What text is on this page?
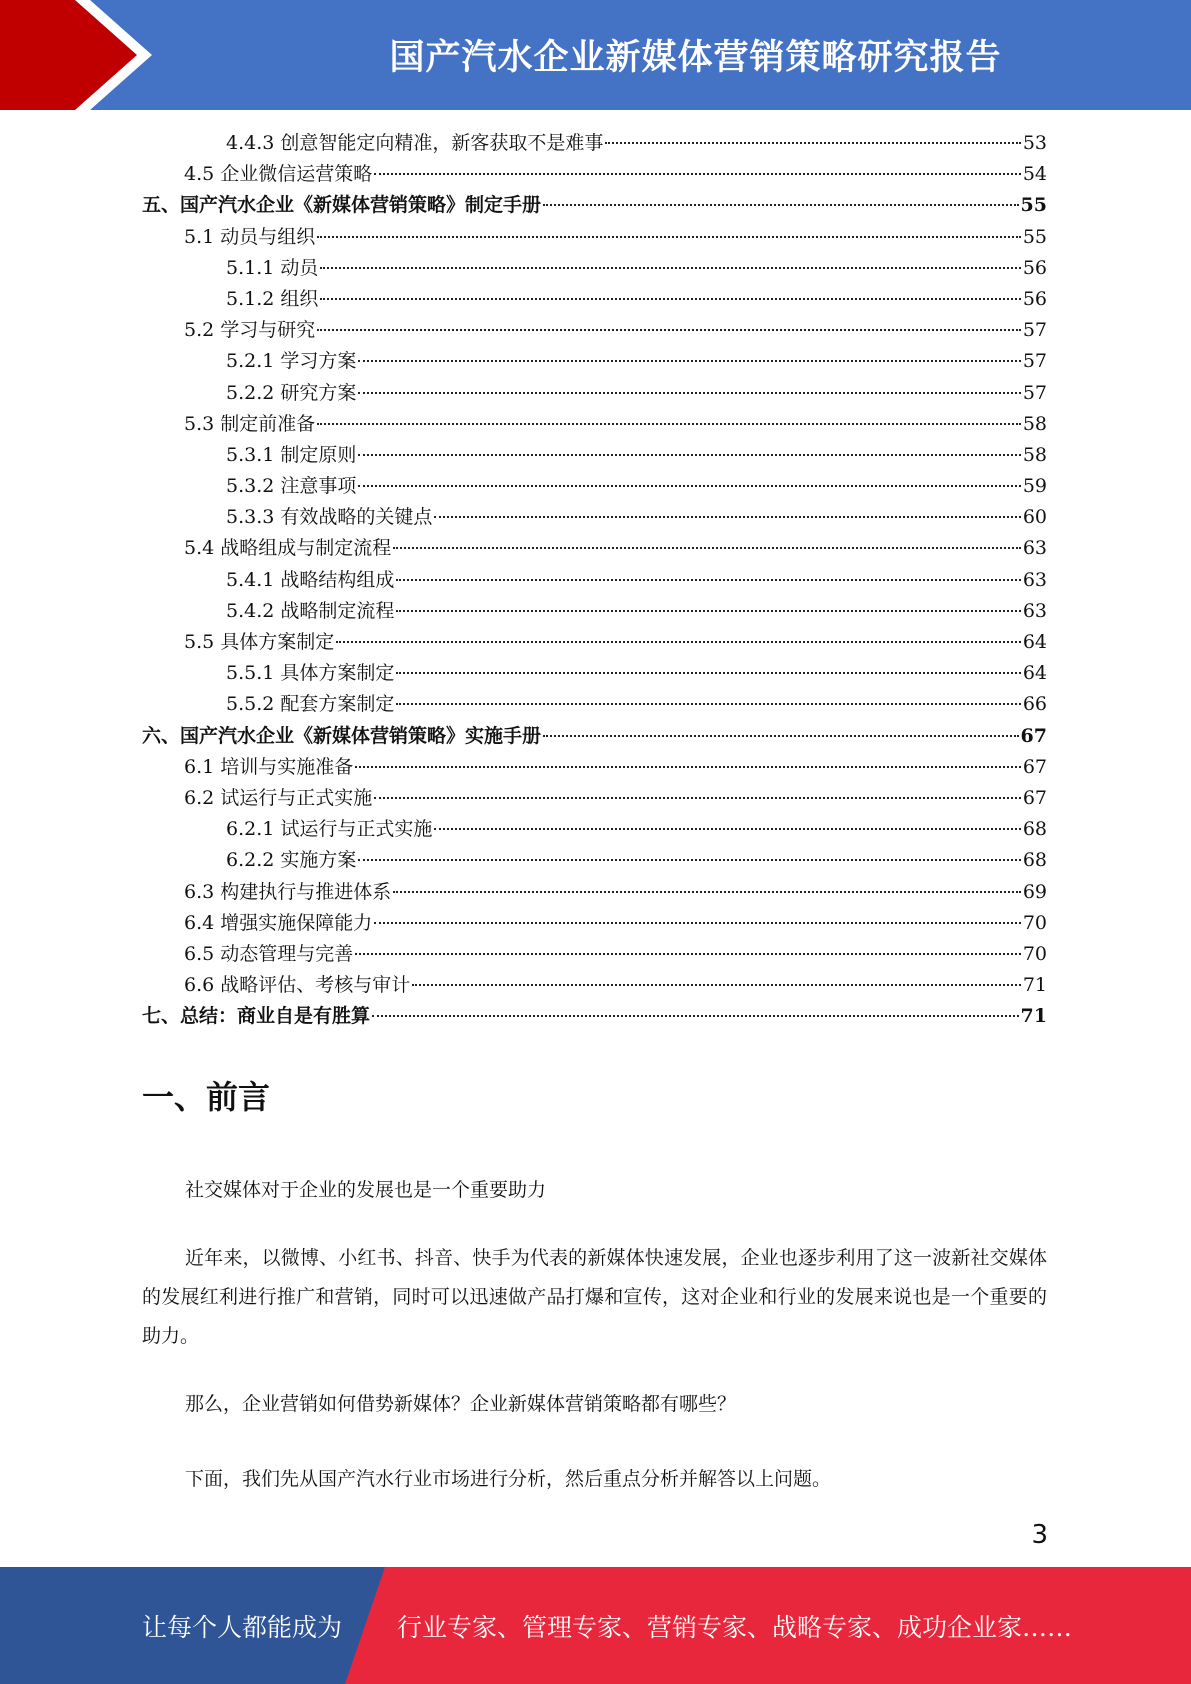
国产汽水企业新媒体营销策略研究报告
4.4.3 创意智能定向精准，新客获取不是难事	53
4.5 企业微信运营策略	54
五、国产汽水企业《新媒体营销策略》制定手册	55
5.1 动员与组织	55
5.1.1 动员	56
5.1.2 组织	56
5.2 学习与研究	57
5.2.1 学习方案	57
5.2.2 研究方案	57
5.3 制定前准备	58
5.3.1 制定原则	58
5.3.2 注意事项	59
5.3.3 有效战略的关键点	60
5.4 战略组成与制定流程	63
5.4.1 战略结构组成	63
5.4.2 战略制定流程	63
5.5 具体方案制定	64
5.5.1 具体方案制定	64
5.5.2 配套方案制定	66
六、国产汽水企业《新媒体营销策略》实施手册	67
6.1 培训与实施准备	67
6.2 试运行与正式实施	67
6.2.1 试运行与正式实施	68
6.2.2 实施方案	68
6.3 构建执行与推进体系	69
6.4 增强实施保障能力	70
6.5 动态管理与完善	70
6.6 战略评估、考核与审计	71
七、总结：商业自是有胜算	71
一、前言
社交媒体对于企业的发展也是一个重要助力
近年来，以微博、小红书、抖音、快手为代表的新媒体快速发展，企业也逐步利用了这一波新社交媒体的发展红利进行推广和营销，同时可以迅速做产品打爆和宣传，这对企业和行业的发展来说也是一个重要的助力。
那么，企业营销如何借势新媒体？企业新媒体营销策略都有哪些？
下面，我们先从国产汽水行业市场进行分析，然后重点分析并解答以上问题。
3
让每个人都能成为 行业专家、管理专家、营销专家、战略专家、成功企业家……
